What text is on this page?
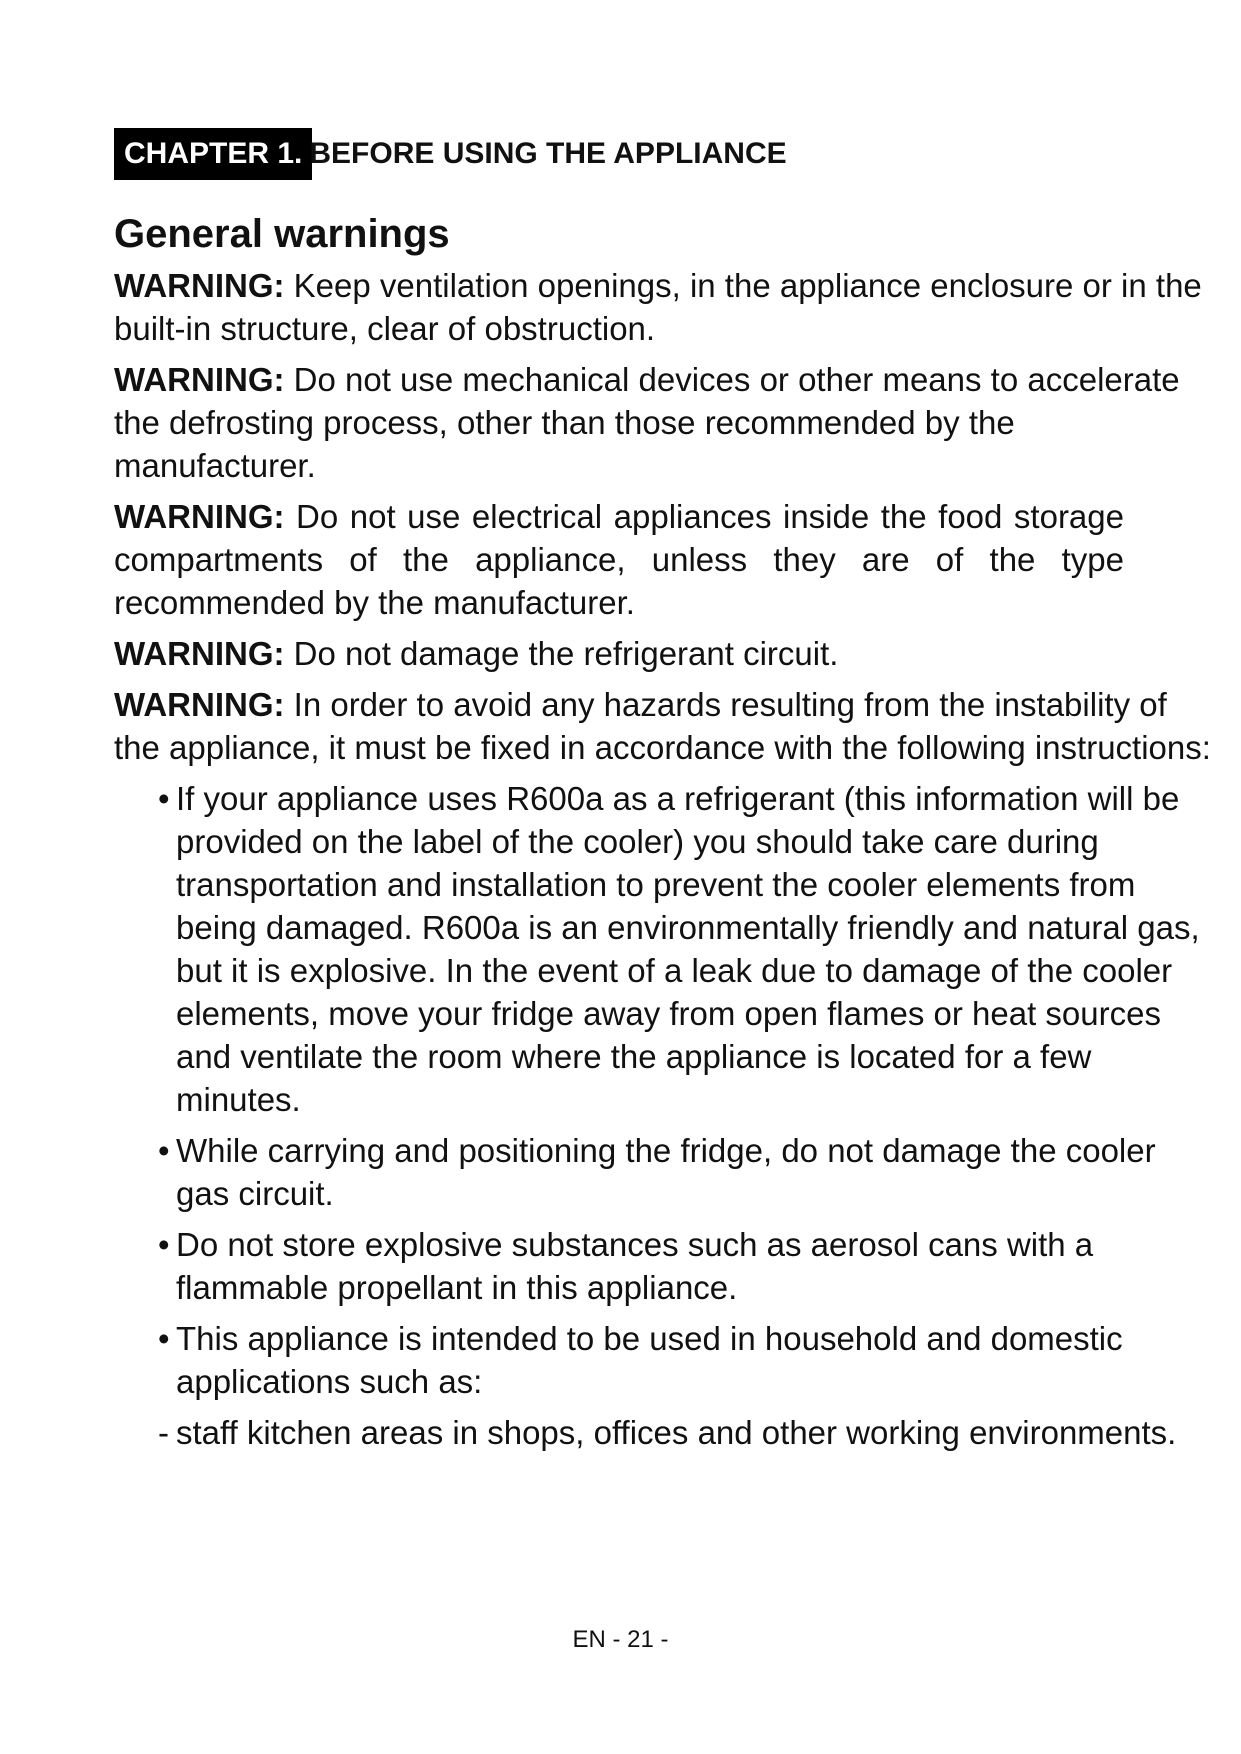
CHAPTER 1. BEFORE USING THE APPLIANCE
General warnings

WARNING: Keep ventilation openings, in the appliance enclosure or in the built-in structure, clear of obstruction.

WARNING: Do not use mechanical devices or other means to accelerate the defrosting process, other than those recommended by the manufacturer.

WARNING: Do not use electrical appliances inside the food storage compartments of the appliance, unless they are of the type recommended by the manufacturer.

WARNING: Do not damage the refrigerant circuit.

WARNING: In order to avoid any hazards resulting from the instability of the appliance, it must be fixed in accordance with the following instructions:

• If your appliance uses R600a as a refrigerant (this information will be provided on the label of the cooler) you should take care during transportation and installation to prevent the cooler elements from being damaged. R600a is an environmentally friendly and natural gas, but it is explosive. In the event of a leak due to damage of the cooler elements, move your fridge away from open flames or heat sources and ventilate the room where the appliance is located for a few minutes.
• While carrying and positioning the fridge, do not damage the cooler gas circuit.
• Do not store explosive substances such as aerosol cans with a flammable propellant in this appliance.
• This appliance is intended to be used in household and domestic applications such as:
- staff kitchen areas in shops, offices and other working environments.
EN - 21 -
